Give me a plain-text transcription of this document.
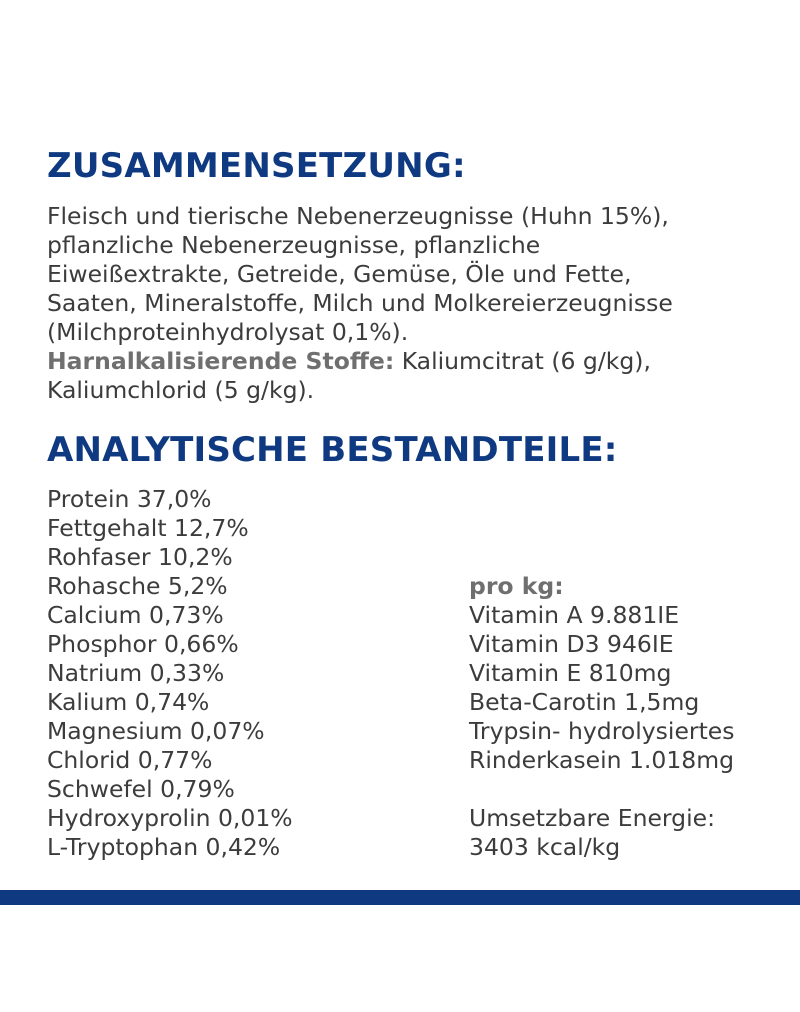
ZUSAMMENSETZUNG:
Fleisch und tierische Nebenerzeugnisse (Huhn 15%),
pflanzliche Nebenerzeugnisse, pflanzliche
Eiweißextrakte, Getreide, Gemüse, Öle und Fette,
Saaten, Mineralstoffe, Milch und Molkereierzeugnisse
(Milchproteinhydrolysat 0,1%).
Harnalkalisierende Stoffe: Kaliumcitrat (6 g/kg),
Kaliumchlorid (5 g/kg).
ANALYTISCHE BESTANDTEILE:
Protein 37,0%
Fettgehalt 12,7%
Rohfaser 10,2%
Rohasche 5,2%
Calcium 0,73%
Phosphor 0,66%
Natrium 0,33%
Kalium 0,74%
Magnesium 0,07%
Chlorid 0,77%
Schwefel 0,79%
Hydroxyprolin 0,01%
L-Tryptophan 0,42%
pro kg:
Vitamin A 9.881IE
Vitamin D3 946IE
Vitamin E 810mg
Beta-Carotin 1,5mg
Trypsin- hydrolysiertes
Rinderkasein 1.018mg
Umsetzbare Energie:
3403 kcal/kg
